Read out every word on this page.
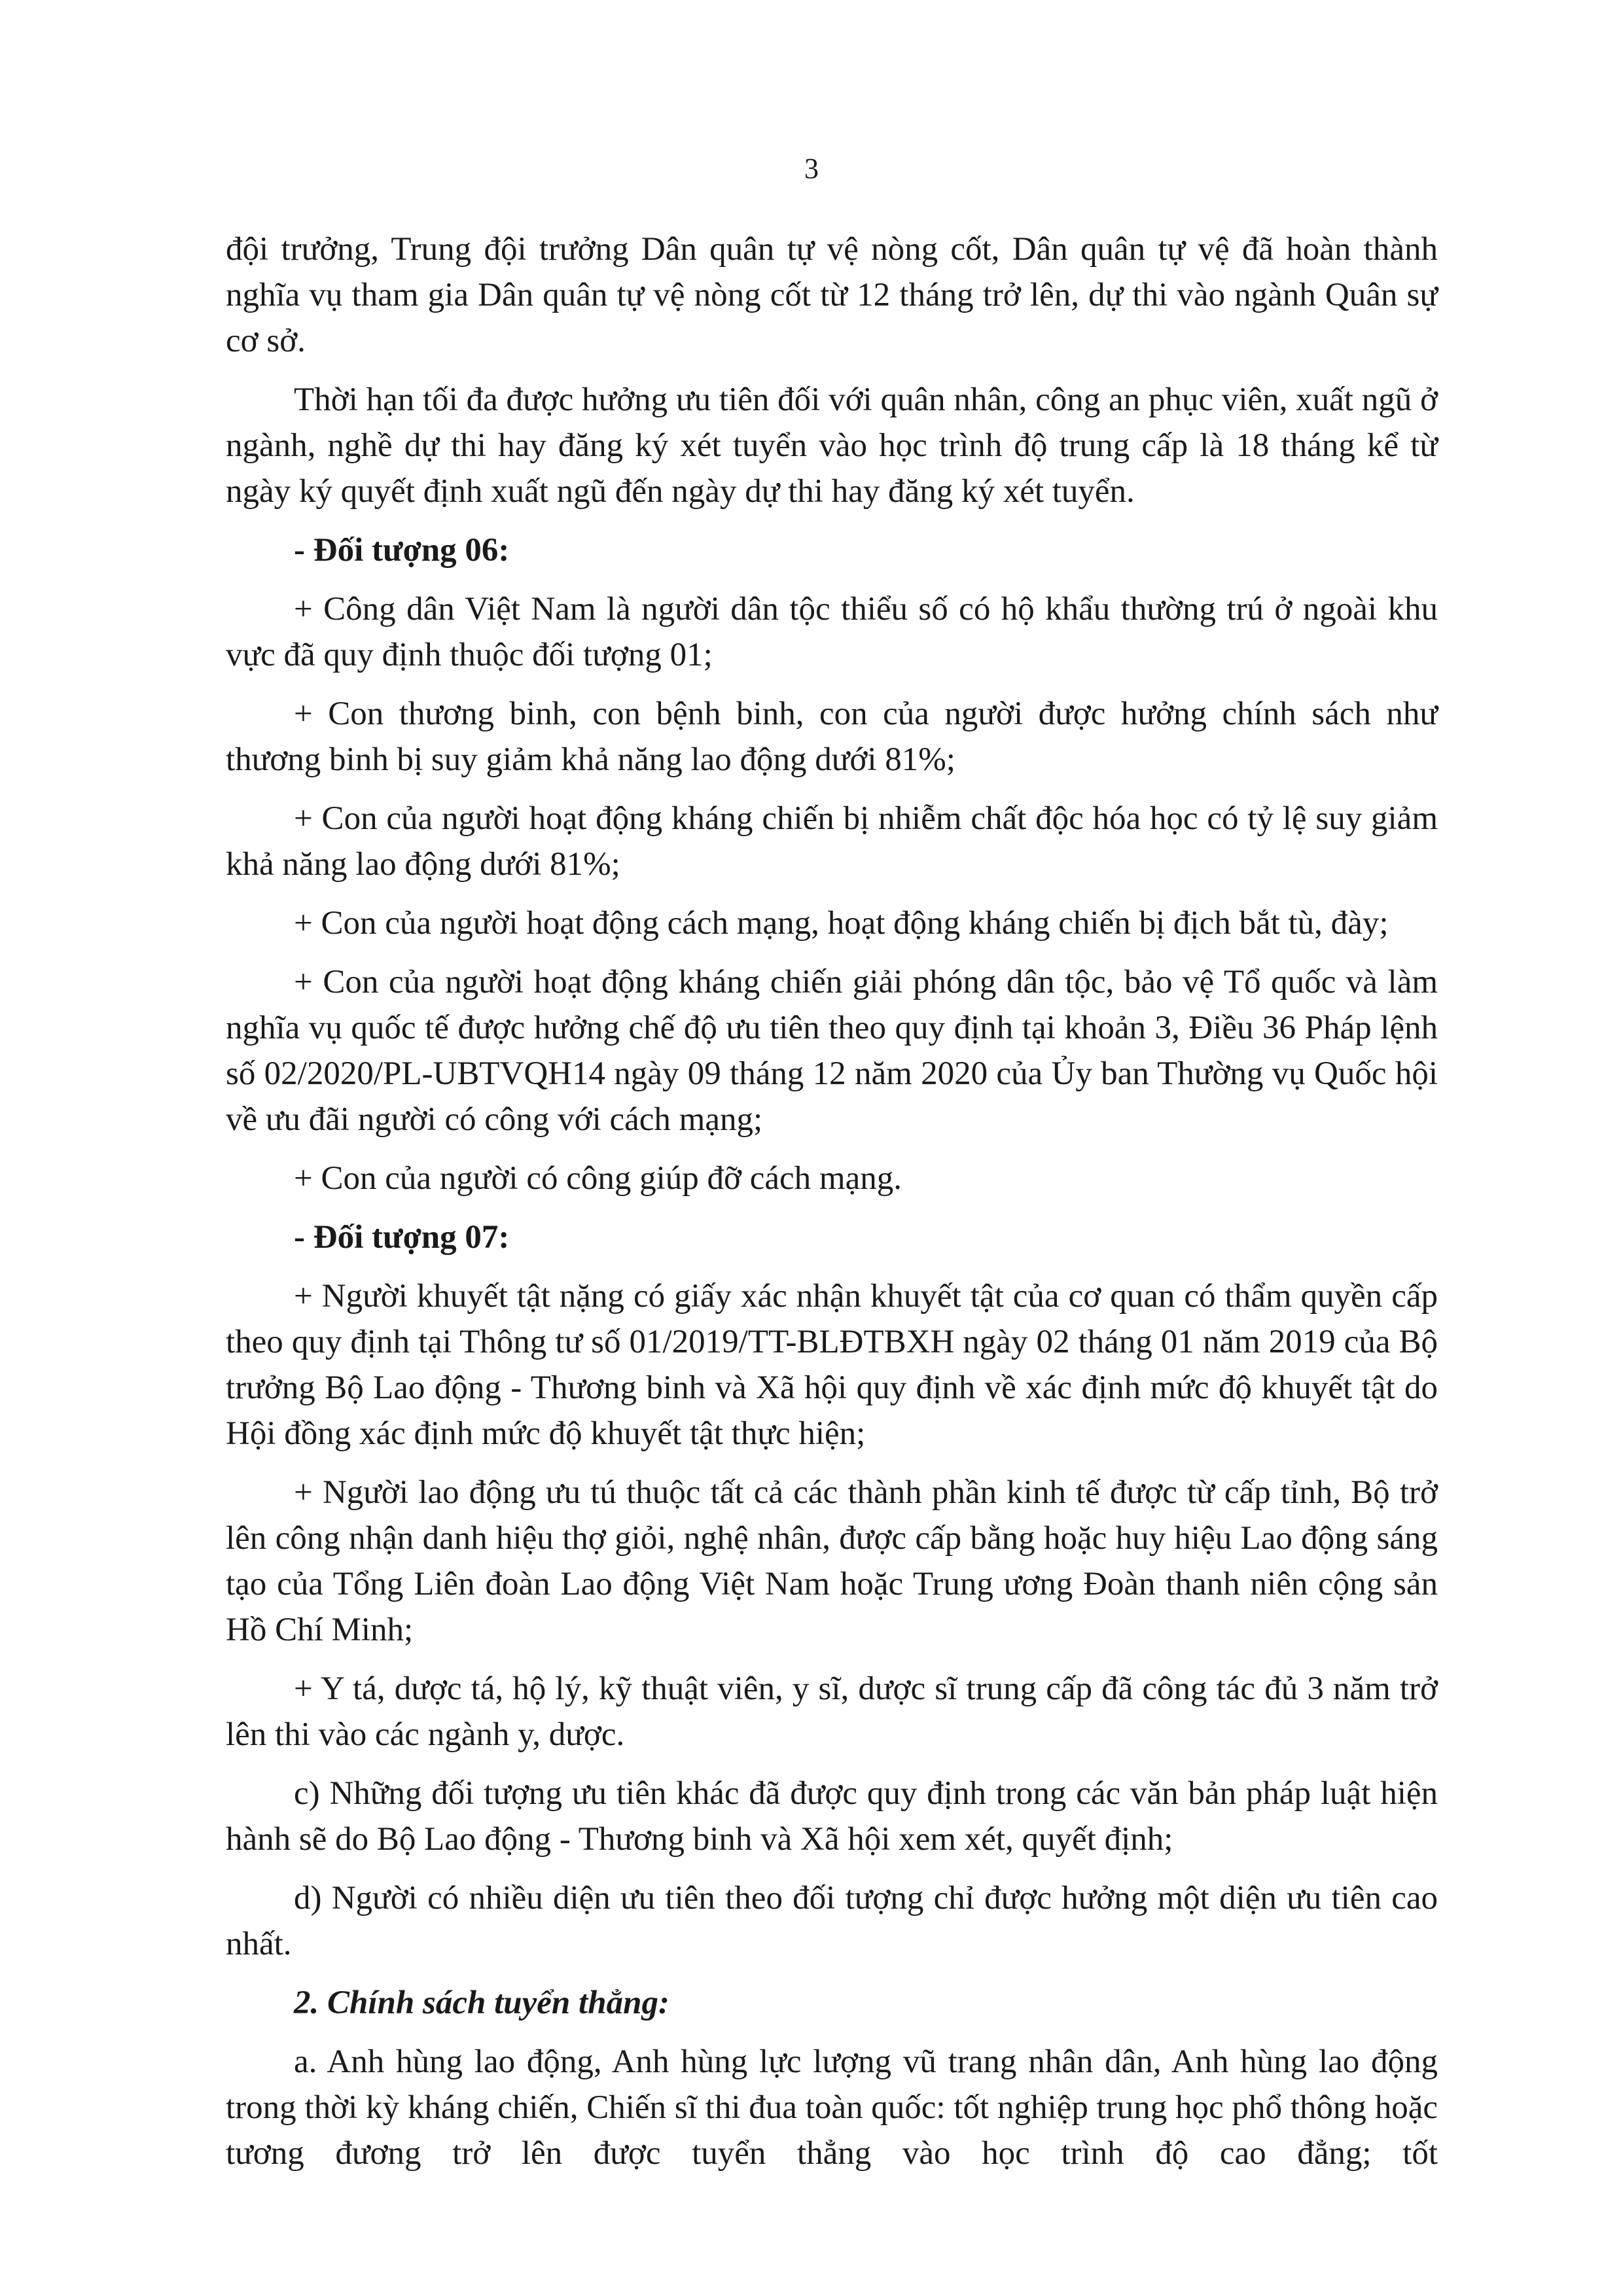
3

đội trưởng, Trung đội trưởng Dân quân tự vệ nòng cốt, Dân quân tự vệ đã hoàn thành nghĩa vụ tham gia Dân quân tự vệ nòng cốt từ 12 tháng trở lên, dự thi vào ngành Quân sự cơ sở.

Thời hạn tối đa được hưởng ưu tiên đối với quân nhân, công an phục viên, xuất ngũ ở ngành, nghề dự thi hay đăng ký xét tuyển vào học trình độ trung cấp là 18 tháng kể từ ngày ký quyết định xuất ngũ đến ngày dự thi hay đăng ký xét tuyển.

- Đối tượng 06:

+ Công dân Việt Nam là người dân tộc thiểu số có hộ khẩu thường trú ở ngoài khu vực đã quy định thuộc đối tượng 01;

+ Con thương binh, con bệnh binh, con của người được hưởng chính sách như thương binh bị suy giảm khả năng lao động dưới 81%;

+ Con của người hoạt động kháng chiến bị nhiễm chất độc hóa học có tỷ lệ suy giảm khả năng lao động dưới 81%;

+ Con của người hoạt động cách mạng, hoạt động kháng chiến bị địch bắt tù, đày;

+ Con của người hoạt động kháng chiến giải phóng dân tộc, bảo vệ Tổ quốc và làm nghĩa vụ quốc tế được hưởng chế độ ưu tiên theo quy định tại khoản 3, Điều 36 Pháp lệnh số 02/2020/PL-UBTVQH14 ngày 09 tháng 12 năm 2020 của Ủy ban Thường vụ Quốc hội về ưu đãi người có công với cách mạng;

+ Con của người có công giúp đỡ cách mạng.

- Đối tượng 07:

+ Người khuyết tật nặng có giấy xác nhận khuyết tật của cơ quan có thẩm quyền cấp theo quy định tại Thông tư số 01/2019/TT-BLĐTBXH ngày 02 tháng 01 năm 2019 của Bộ trưởng Bộ Lao động - Thương binh và Xã hội quy định về xác định mức độ khuyết tật do Hội đồng xác định mức độ khuyết tật thực hiện;

+ Người lao động ưu tú thuộc tất cả các thành phần kinh tế được từ cấp tỉnh, Bộ trở lên công nhận danh hiệu thợ giỏi, nghệ nhân, được cấp bằng hoặc huy hiệu Lao động sáng tạo của Tổng Liên đoàn Lao động Việt Nam hoặc Trung ương Đoàn thanh niên cộng sản Hồ Chí Minh;

+ Y tá, dược tá, hộ lý, kỹ thuật viên, y sĩ, dược sĩ trung cấp đã công tác đủ 3 năm trở lên thi vào các ngành y, dược.

c) Những đối tượng ưu tiên khác đã được quy định trong các văn bản pháp luật hiện hành sẽ do Bộ Lao động - Thương binh và Xã hội xem xét, quyết định;

d) Người có nhiều diện ưu tiên theo đối tượng chỉ được hưởng một diện ưu tiên cao nhất.

2. Chính sách tuyển thẳng:

a. Anh hùng lao động, Anh hùng lực lượng vũ trang nhân dân, Anh hùng lao động trong thời kỳ kháng chiến, Chiến sĩ thi đua toàn quốc: tốt nghiệp trung học phổ thông hoặc tương đương trở lên được tuyển thẳng vào học trình độ cao đẳng; tốt
